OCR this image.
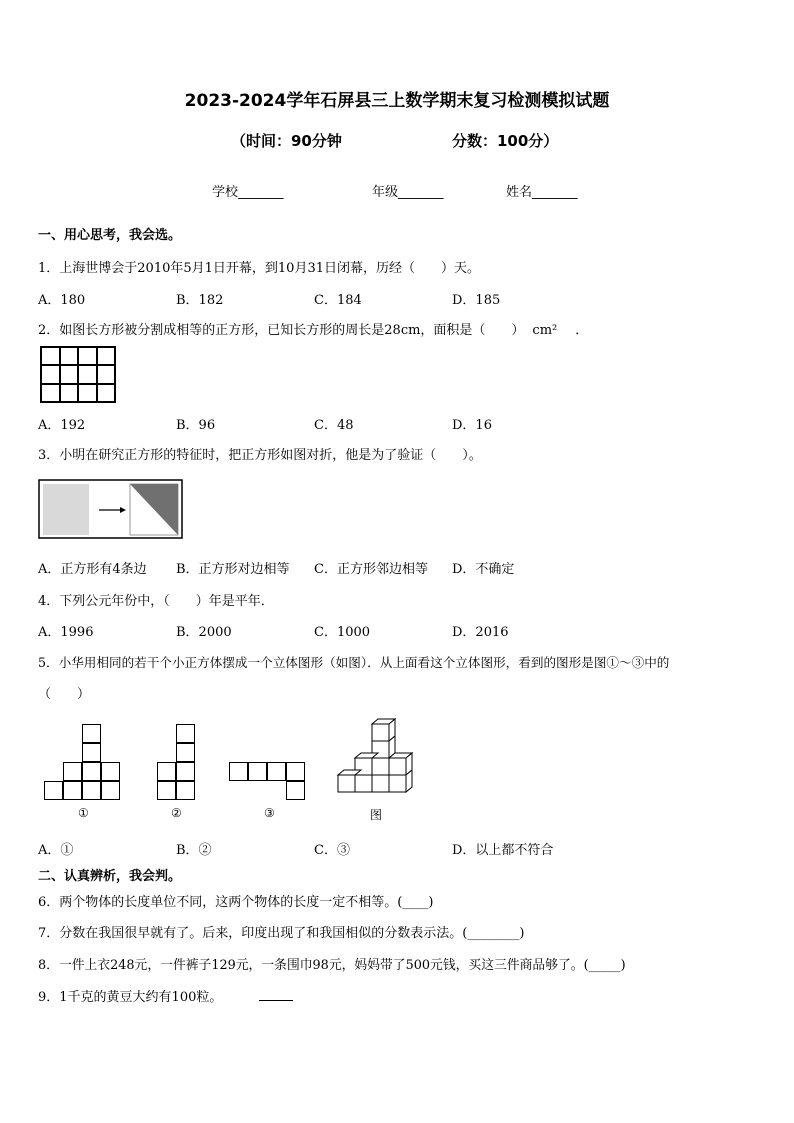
2023-2024学年石屏县三上数学期末复习检测模拟试题
（时间：90分钟	分数：100分）
学校_______	年级_______	姓名_______
一、用心思考，我会选。
1．上海世博会于2010年5月1日开幕，到10月31日闭幕，历经（　　）天。
A．180	B．182	C．184	D．185
2．如图长方形被分割成相等的正方形，已知长方形的周长是28cm，面积是（　　） cm² ．
A．192	B．96	C．48	D．16
3．小明在研究正方形的特征时，把正方形如图对折，他是为了验证（　　）。
A．正方形有4条边 B．正方形对边相等 C．正方形邻边相等 D．不确定
4．下列公元年份中，（　　）年是平年．
A．1996	B．2000	C．1000	D．2016
5．小华用相同的若干个小正方体摆成一个立体图形（如图）．从上面看这个立体图形，看到的图形是图①～③中的
（　　）
①	②	③	图
A．①	B．②	C．③	D．以上都不符合
二、认真辨析，我会判。
6．两个物体的长度单位不同，这两个物体的长度一定不相等。(____)
7．分数在我国很早就有了。后来，印度出现了和我国相似的分数表示法。(________)
8．一件上衣248元，一件裤子129元，一条围巾98元，妈妈带了500元钱，买这三件商品够了。(_____)
9．1千克的黄豆大约有100粒。
